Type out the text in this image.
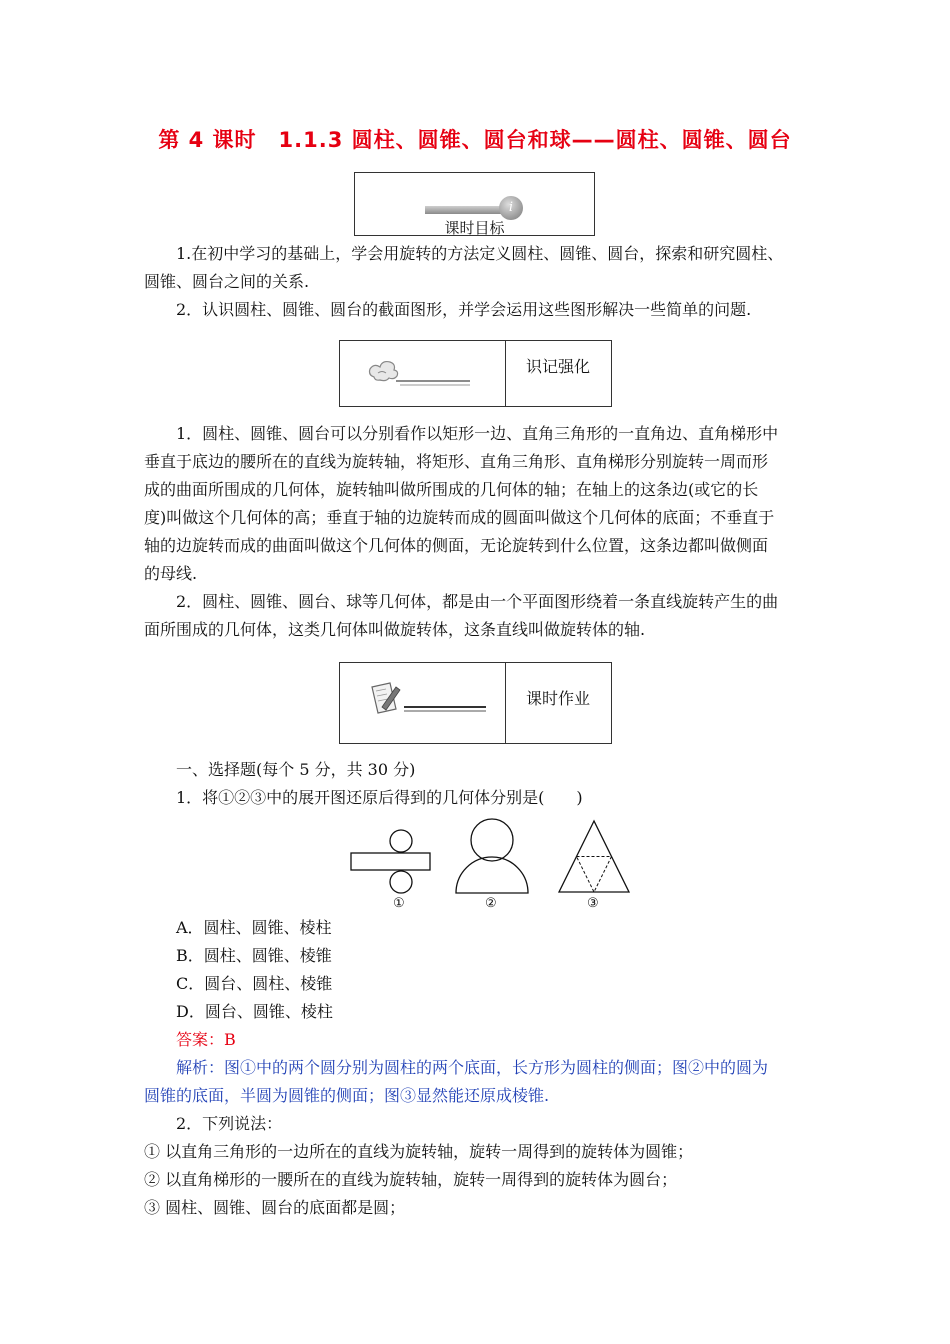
第 4 课时　1.1.3 圆柱、圆锥、圆台和球——圆柱、圆锥、圆台
i
课时目标
1.在初中学习的基础上，学会用旋转的方法定义圆柱、圆锥、圆台，探索和研究圆柱、
圆锥、圆台之间的关系.
2．认识圆柱、圆锥、圆台的截面图形，并学会运用这些图形解决一些简单的问题.
识记强化
1．圆柱、圆锥、圆台可以分别看作以矩形一边、直角三角形的一直角边、直角梯形中
垂直于底边的腰所在的直线为旋转轴，将矩形、直角三角形、直角梯形分别旋转一周而形
成的曲面所围成的几何体，旋转轴叫做所围成的几何体的轴；在轴上的这条边(或它的长
度)叫做这个几何体的高；垂直于轴的边旋转而成的圆面叫做这个几何体的底面；不垂直于
轴的边旋转而成的曲面叫做这个几何体的侧面，无论旋转到什么位置，这条边都叫做侧面
的母线.
2．圆柱、圆锥、圆台、球等几何体，都是由一个平面图形绕着一条直线旋转产生的曲
面所围成的几何体，这类几何体叫做旋转体，这条直线叫做旋转体的轴.
课时作业
一、选择题(每个 5 分，共 30 分)
1．将①②③中的展开图还原后得到的几何体分别是(　　)
①	②	③
A．圆柱、圆锥、棱柱
B．圆柱、圆锥、棱锥
C．圆台、圆柱、棱锥
D．圆台、圆锥、棱柱
答案：B
解析：图①中的两个圆分别为圆柱的两个底面，长方形为圆柱的侧面；图②中的圆为
圆锥的底面，半圆为圆锥的侧面；图③显然能还原成棱锥.
2．下列说法：
① 以直角三角形的一边所在的直线为旋转轴，旋转一周得到的旋转体为圆锥；
② 以直角梯形的一腰所在的直线为旋转轴，旋转一周得到的旋转体为圆台；
③ 圆柱、圆锥、圆台的底面都是圆；
